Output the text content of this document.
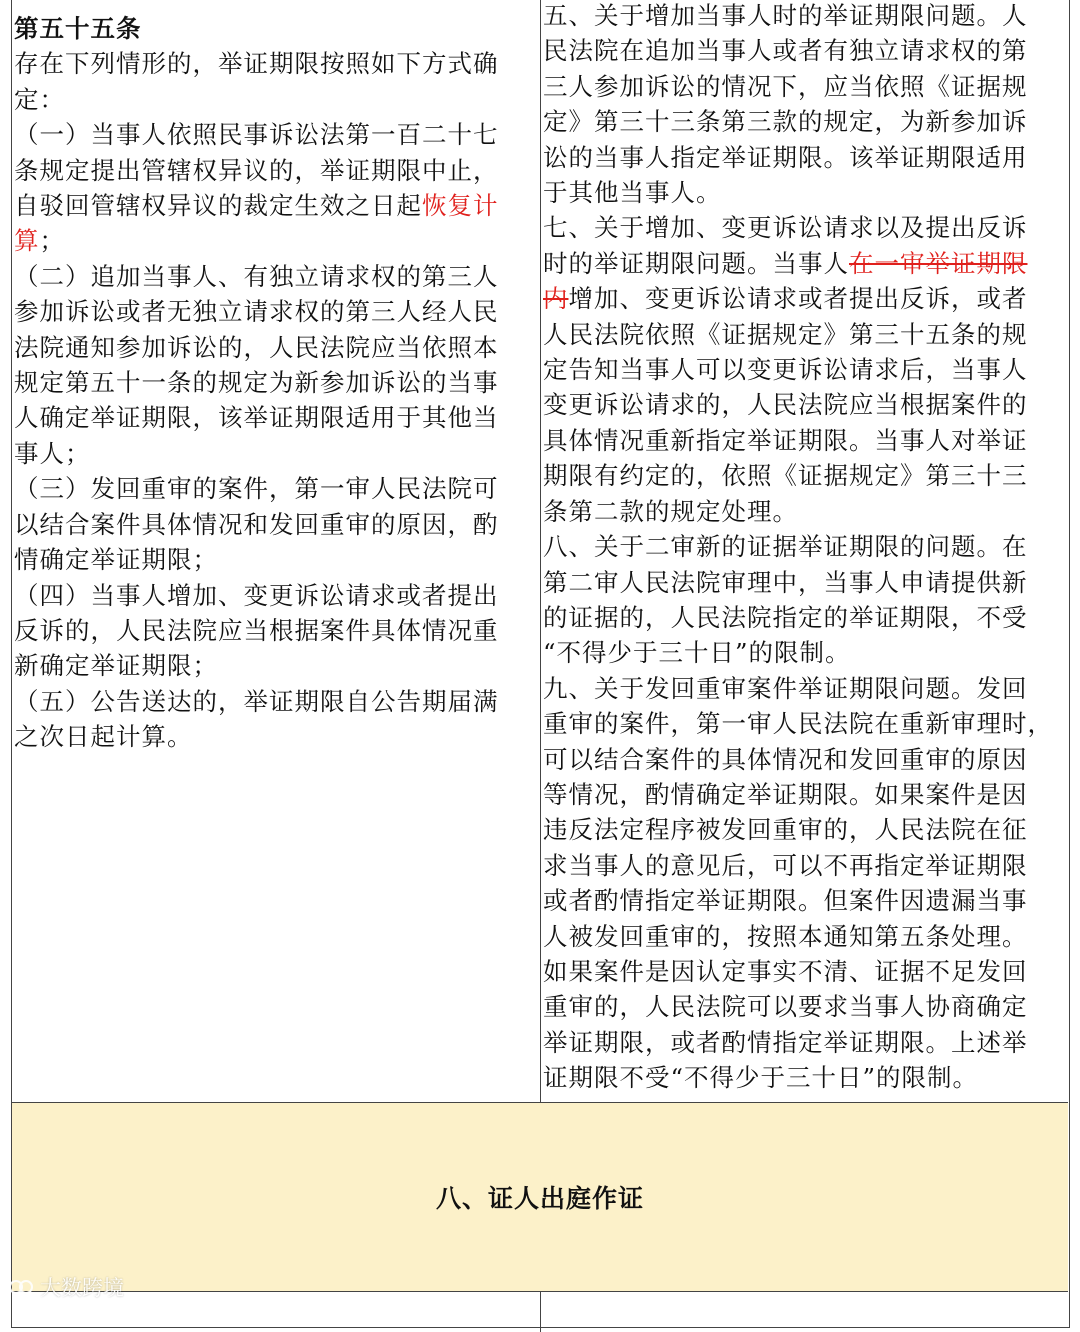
第五十五条
存在下列情形的，举证期限按照如下方式确
定：
（一）当事人依照民事诉讼法第一百二十七
条规定提出管辖权异议的，举证期限中止，
自驳回管辖权异议的裁定生效之日起恢复计
算；
（二）追加当事人、有独立请求权的第三人
参加诉讼或者无独立请求权的第三人经人民
法院通知参加诉讼的，人民法院应当依照本
规定第五十一条的规定为新参加诉讼的当事
人确定举证期限，该举证期限适用于其他当
事人；
（三）发回重审的案件，第一审人民法院可
以结合案件具体情况和发回重审的原因，酌
情确定举证期限；
（四）当事人增加、变更诉讼请求或者提出
反诉的，人民法院应当根据案件具体情况重
新确定举证期限；
（五）公告送达的，举证期限自公告期届满
之次日起计算。
五、关于增加当事人时的举证期限问题。人
民法院在追加当事人或者有独立请求权的第
三人参加诉讼的情况下，应当依照《证据规
定》第三十三条第三款的规定，为新参加诉
讼的当事人指定举证期限。该举证期限适用
于其他当事人。
七、关于增加、变更诉讼请求以及提出反诉
时的举证期限问题。当事人在一审举证期限
内增加、变更诉讼请求或者提出反诉，或者
人民法院依照《证据规定》第三十五条的规
定告知当事人可以变更诉讼请求后，当事人
变更诉讼请求的，人民法院应当根据案件的
具体情况重新指定举证期限。当事人对举证
期限有约定的，依照《证据规定》第三十三
条第二款的规定处理。
八、关于二审新的证据举证期限的问题。在
第二审人民法院审理中，当事人申请提供新
的证据的，人民法院指定的举证期限，不受
“不得少于三十日”的限制。
九、关于发回重审案件举证期限问题。发回
重审的案件，第一审人民法院在重新审理时，
可以结合案件的具体情况和发回重审的原因
等情况，酌情确定举证期限。如果案件是因
违反法定程序被发回重审的，人民法院在征
求当事人的意见后，可以不再指定举证期限
或者酌情指定举证期限。但案件因遗漏当事
人被发回重审的，按照本通知第五条处理。
如果案件是因认定事实不清、证据不足发回
重审的，人民法院可以要求当事人协商确定
举证期限，或者酌情指定举证期限。上述举
证期限不受“不得少于三十日”的限制。
八、证人出庭作证
大数跨境
